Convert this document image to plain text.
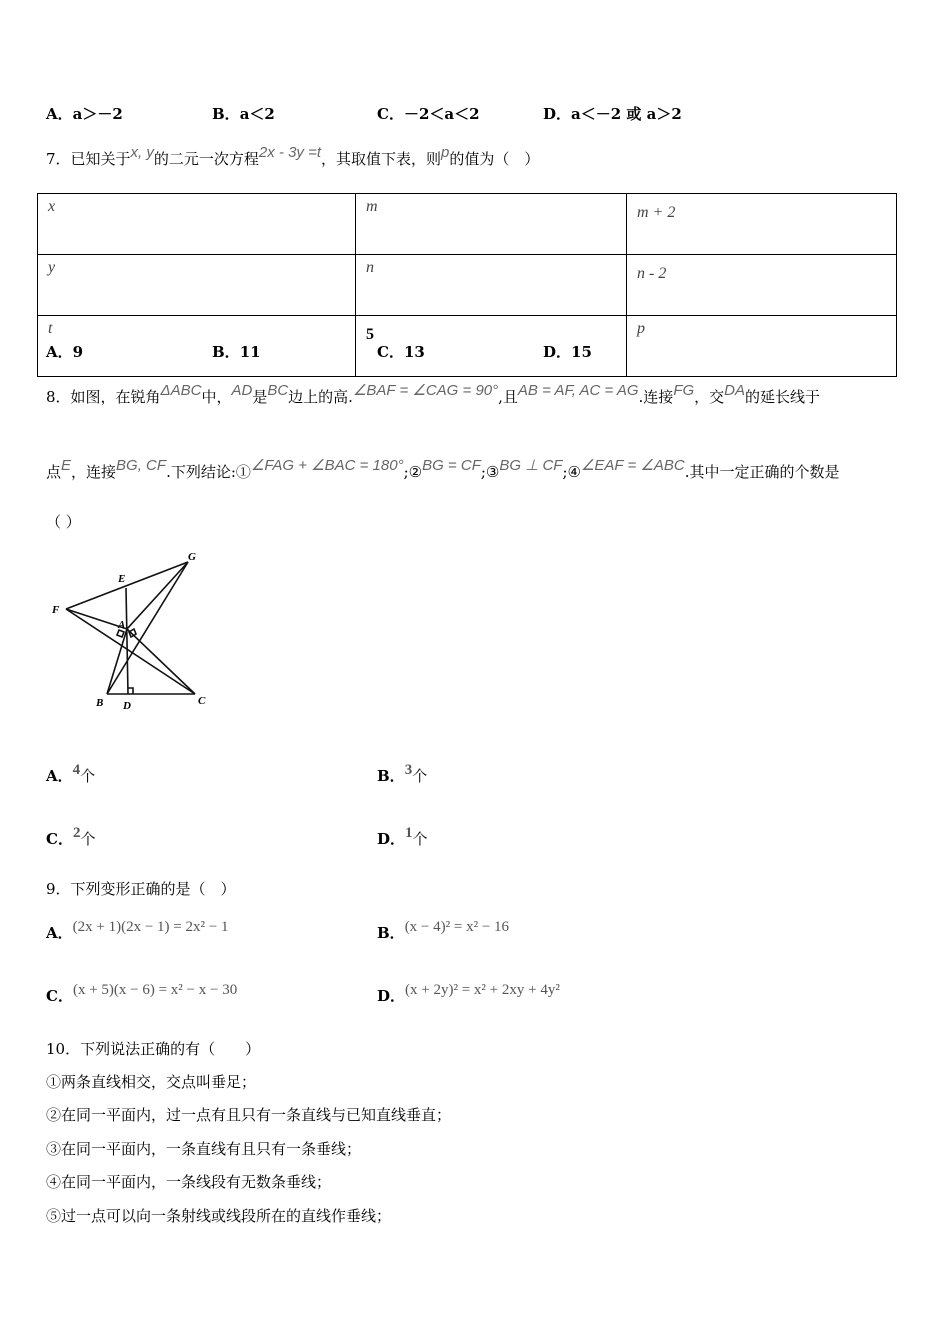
A．a＞－2	B．a＜2	C．－2＜a＜2	D．a＜－2 或 a＞2
7．已知关于x, y的二元一次方程2x - 3y =t，其取值下表，则p的值为（　）
x	m	m + 2
y	n	n - 2
t	5	p
A．9	B．11	C．13	D．15
8．如图，在锐角ΔABC中，AD是BC边上的高.∠BAF = ∠CAG = 90°,且AB = AF, AC = AG.连接FG，交DA的延长线于
点E，连接BG, CF.下列结论:①∠FAG + ∠BAC = 180°;②BG = CF;③BG ⊥ CF;④∠EAF = ∠ABC.其中一定正确的个数是
（ ）
E
F
G
A
B D	C
A．4个	B．3个
C．2个	D．1个
9．下列变形正确的是（　）
A．(2x + 1)(2x − 1) = 2x² − 1	B．(x − 4)² = x² − 16
C．(x + 5)(x − 6) = x² − x − 30	D．(x + 2y)² = x² + 2xy + 4y²
10．下列说法正确的有（　　）
①两条直线相交，交点叫垂足；
②在同一平面内，过一点有且只有一条直线与已知直线垂直；
③在同一平面内，一条直线有且只有一条垂线；
④在同一平面内，一条线段有无数条垂线；
⑤过一点可以向一条射线或线段所在的直线作垂线；
